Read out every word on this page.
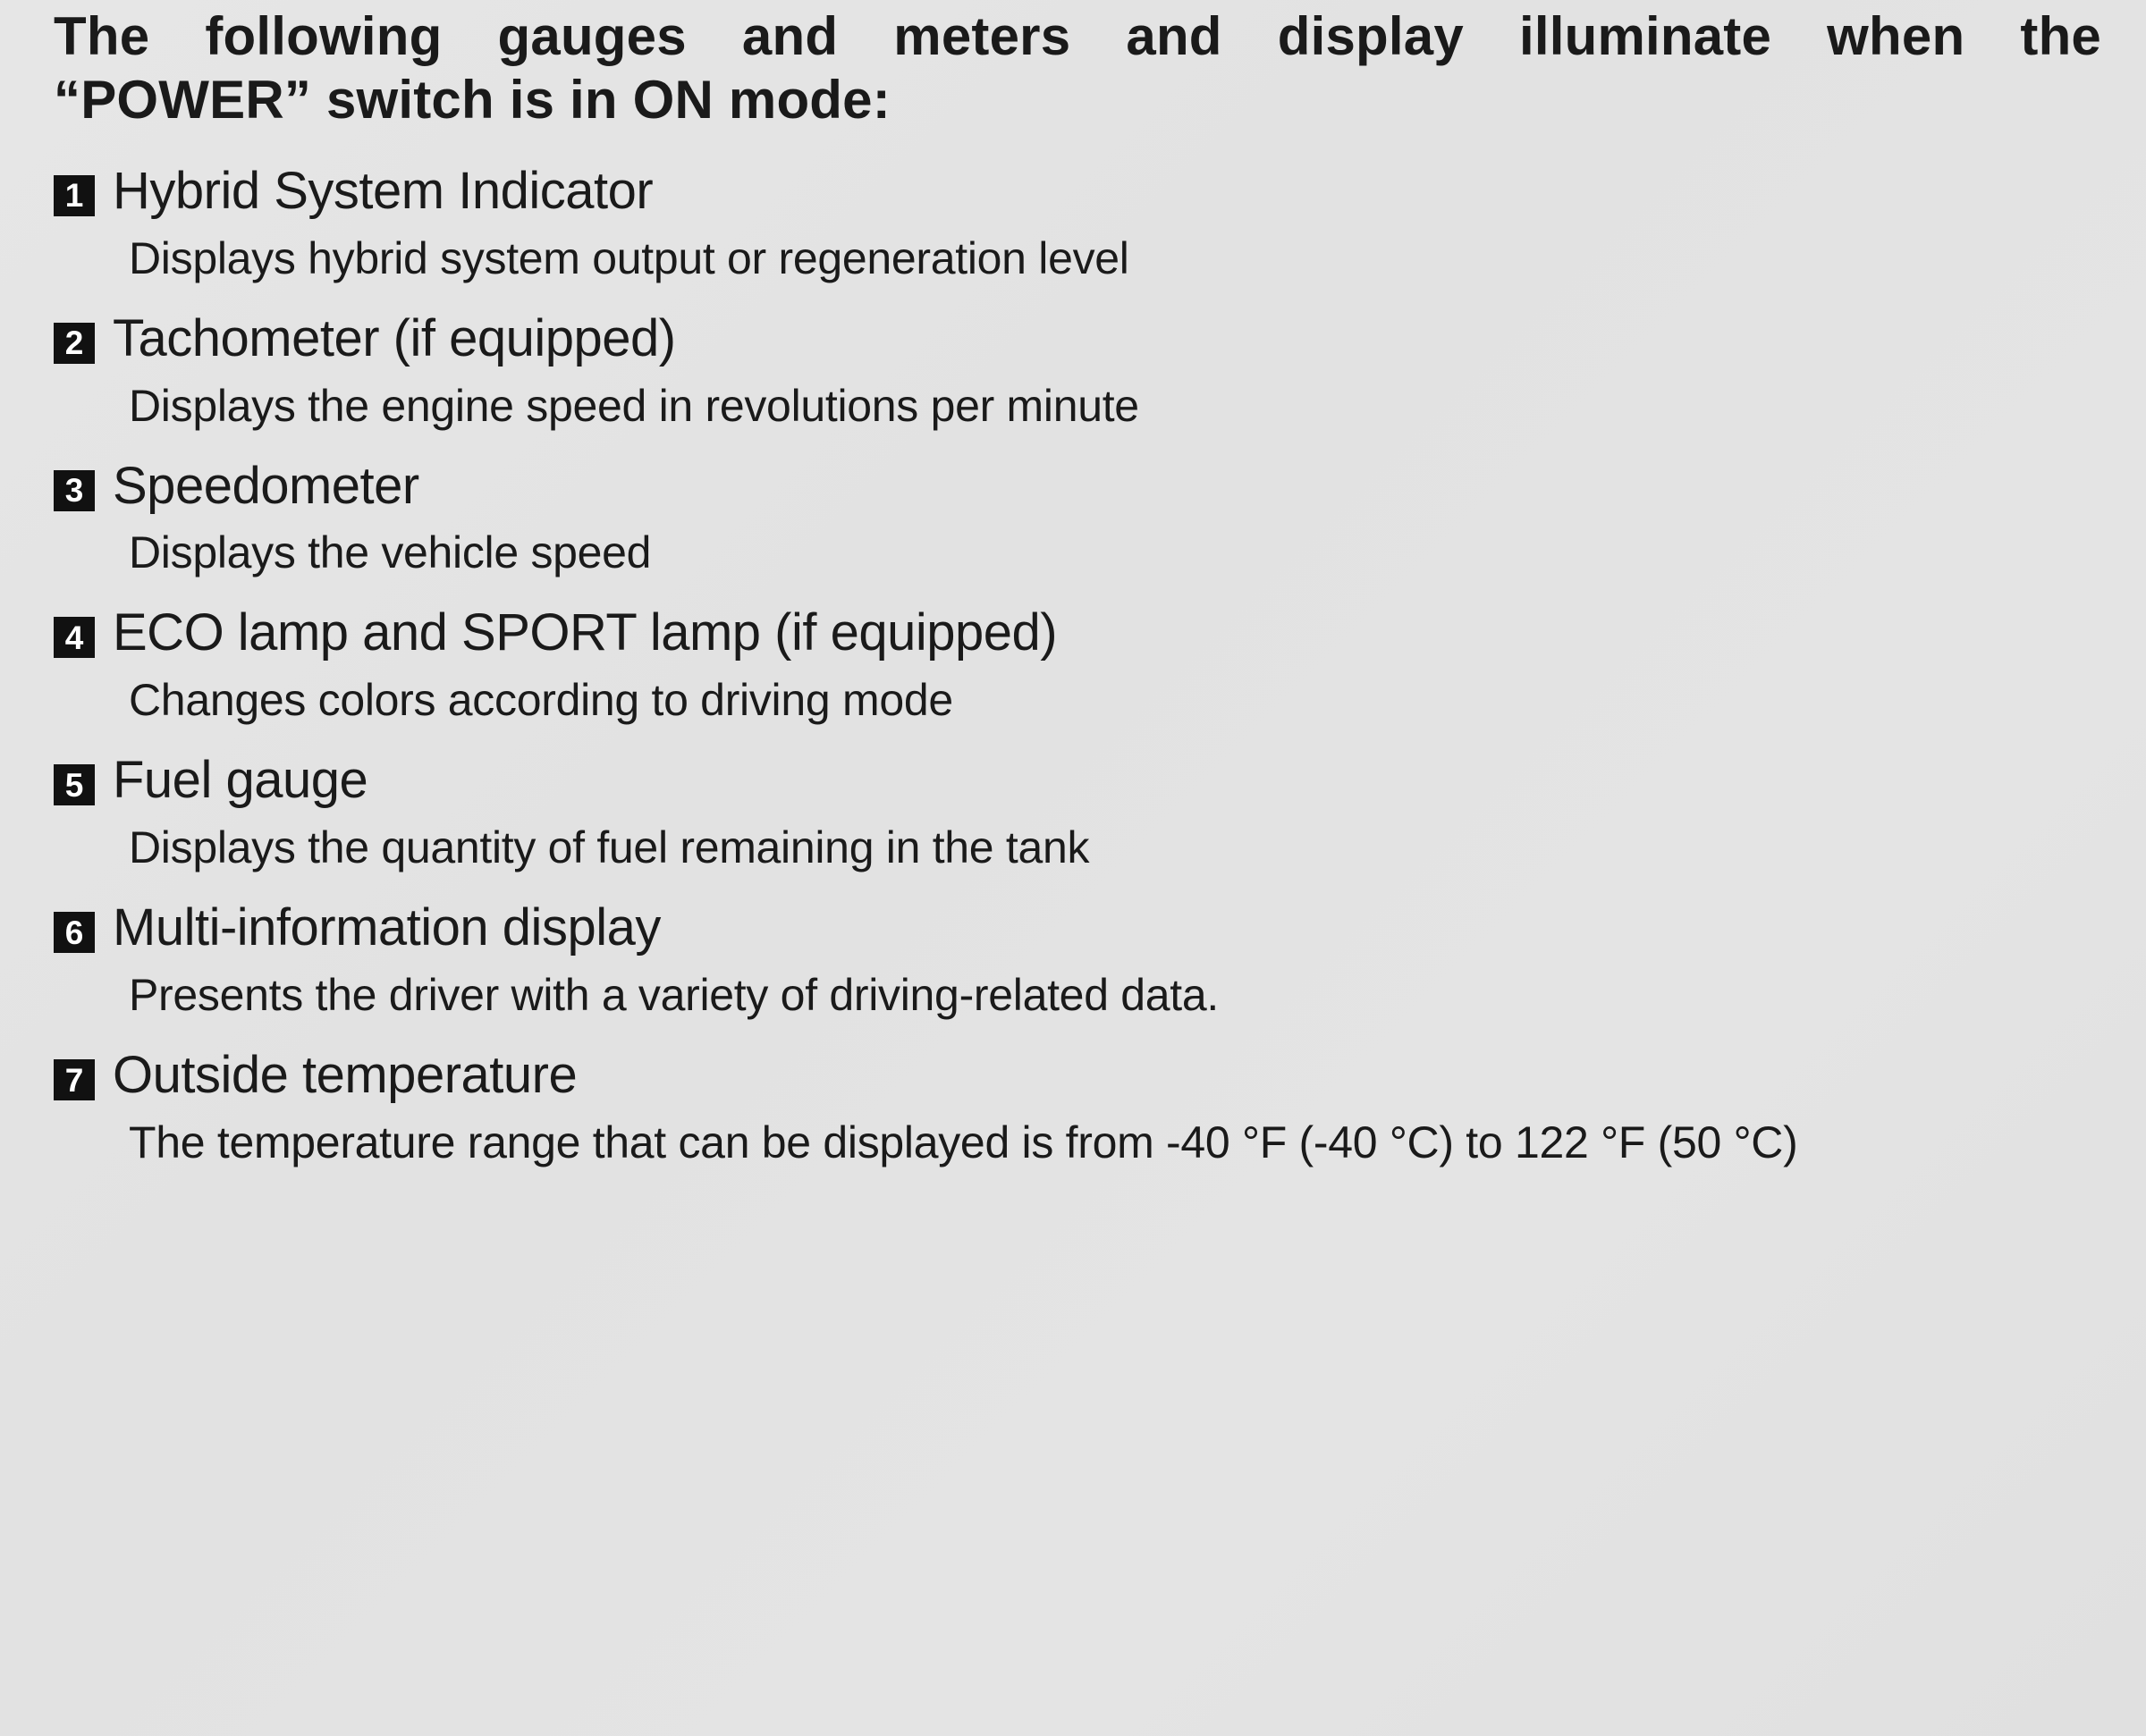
The following gauges and meters and display illuminate when the
“POWER” switch is in ON mode:

1 Hybrid System Indicator
Displays hybrid system output or regeneration level
2 Tachometer (if equipped)
Displays the engine speed in revolutions per minute
3 Speedometer
Displays the vehicle speed
4 ECO lamp and SPORT lamp (if equipped)
Changes colors according to driving mode
5 Fuel gauge
Displays the quantity of fuel remaining in the tank
6 Multi-information display
Presents the driver with a variety of driving-related data.
7 Outside temperature
The temperature range that can be displayed is from -40 °F (-40 °C) to 122 °F (50 °C)
